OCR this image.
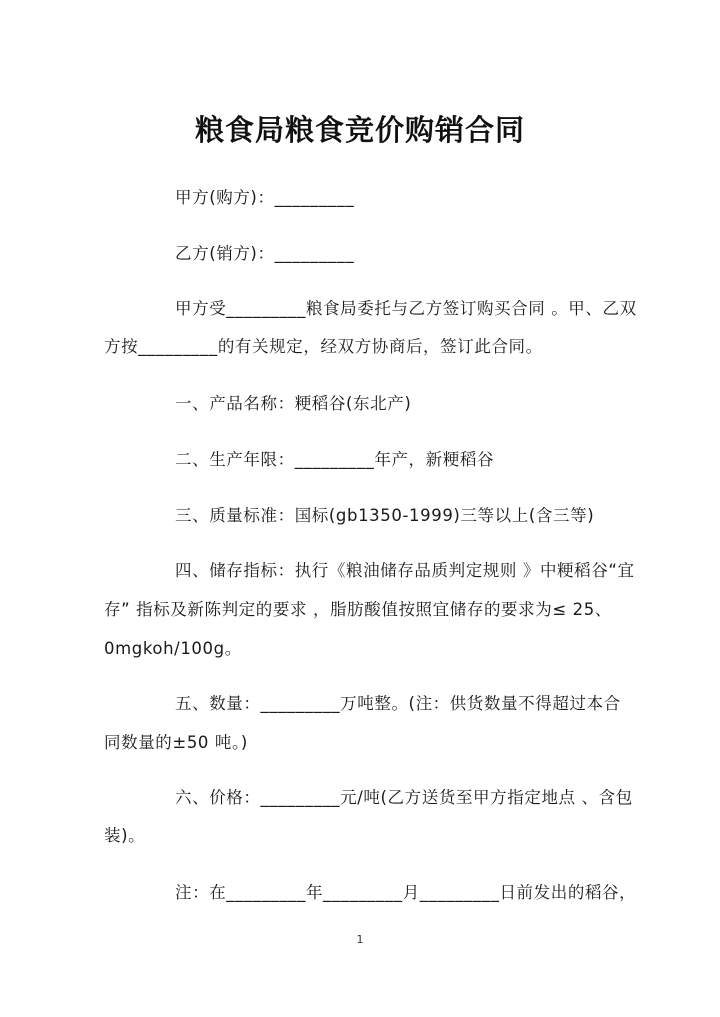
粮食局粮食竞价购销合同
甲方(购方)：_________
乙方(销方)：_________
甲方受_________粮食局委托与乙方签订购买合同 。甲、乙双
方按_________的有关规定，经双方协商后，签订此合同。
一、产品名称：粳稻谷(东北产)
二、生产年限：_________年产，新粳稻谷
三、质量标准：国标(gb1350-1999)三等以上(含三等)
四、储存指标：执行《粮油储存品质判定规则 》中粳稻谷“宜
存” 指标及新陈判定的要求 ，脂肪酸值按照宜储存的要求为≤ 25、
0mgkoh/100g。
五、数量：_________万吨整。(注：供货数量不得超过本合
同数量的±50 吨。)
六、价格：_________元/吨(乙方送货至甲方指定地点 、含包
装)。
注：在_________年_________月_________日前发出的稻谷，
1
